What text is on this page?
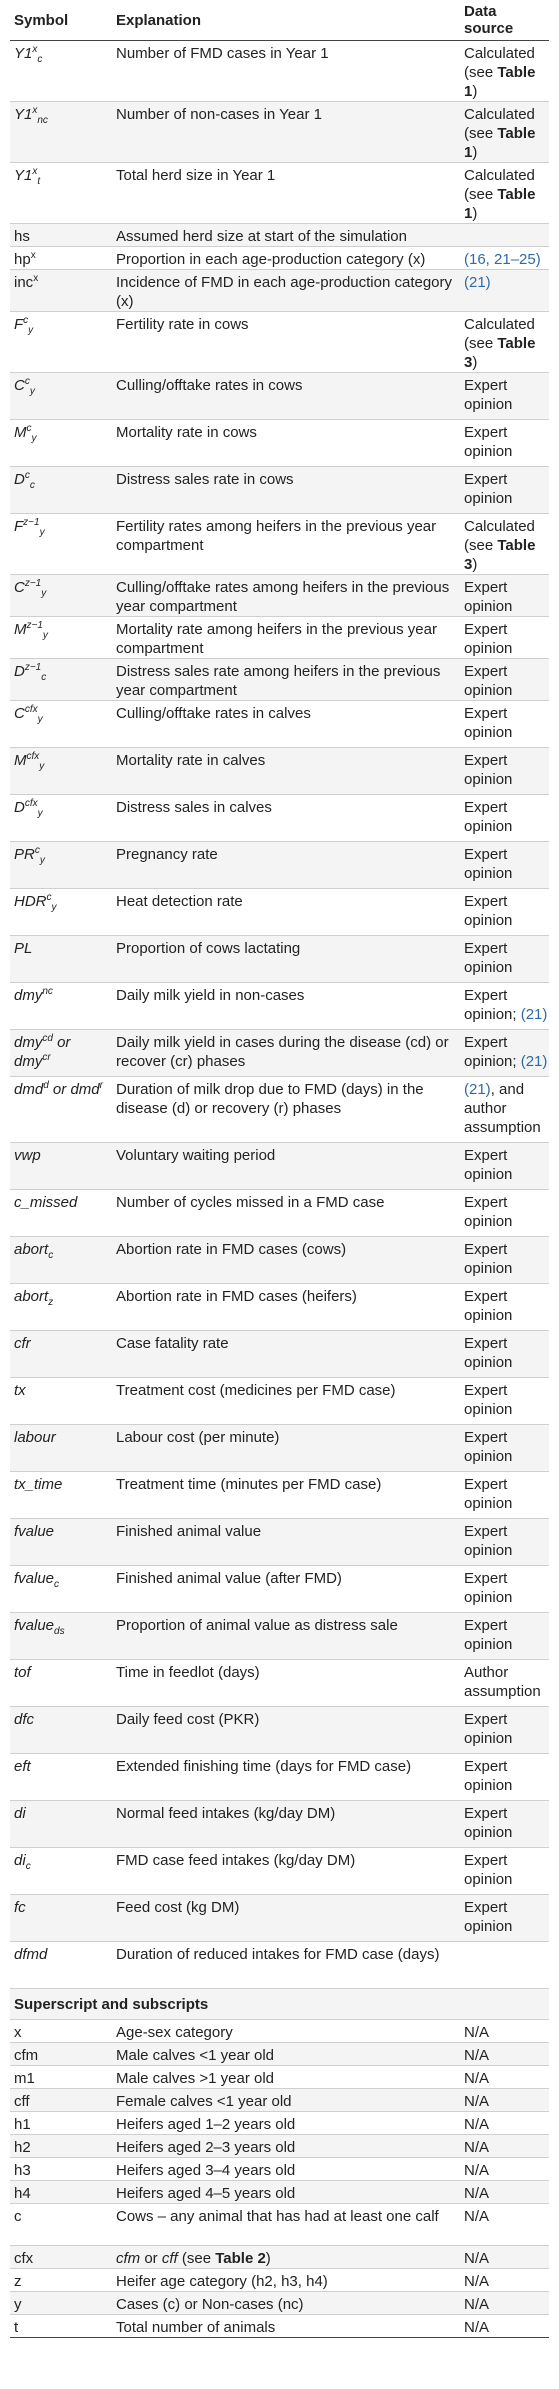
Symbol	Explanation	Data source
$Y1^x_c$	Number of FMD cases in Year 1	Calculated (see Table 1)
$Y1^x_{nc}$	Number of non-cases in Year 1	Calculated (see Table 1)
$Y1^x_t$	Total herd size in Year 1	Calculated (see Table 1)
hs	Assumed herd size at start of the simulation	
$hp^x$	Proportion in each age-production category (x)	(16, 21–25)
inc$^x$	Incidence of FMD in each age-production category (x)	(21)
$F^c_y$	Fertility rate in cows	Calculated (see Table 3)
$C^c_y$	Culling/offtake rates in cows	Expert opinion
$M^c_y$	Mortality rate in cows	Expert opinion
$D^c_c$	Distress sales rate in cows	Expert opinion
$F^{z-1}_y$	Fertility rates among heifers in the previous year compartment	Calculated (see Table 3)
$C^{z-1}_y$	Culling/offtake rates among heifers in the previous year compartment	Expert opinion
$M^{z-1}_y$	Mortality rate among heifers in the previous year compartment	Expert opinion
$D^{z-1}_c$	Distress sales rate among heifers in the previous year compartment	Expert opinion
$C^{cfx}_y$	Culling/offtake rates in calves	Expert opinion
$M^{cfx}_y$	Mortality rate in calves	Expert opinion
$D^{cfx}_y$	Distress sales in calves	Expert opinion
$PR^c_y$	Pregnancy rate	Expert opinion
$HDR^c_y$	Heat detection rate	Expert opinion
PL	Proportion of cows lactating	Expert opinion
dmy$^{nc}$	Daily milk yield in non-cases	Expert opinion; (21)
dmy$^{cd}$ or dmy$^{cr}$	Daily milk yield in cases during the disease (cd) or recover (cr) phases	Expert opinion; (21)
dmd$^d$ or dmd$^r$	Duration of milk drop due to FMD (days) in the disease (d) or recovery (r) phases	(21), and author assumption
vwp	Voluntary waiting period	Expert opinion
c_missed	Number of cycles missed in a FMD case	Expert opinion
abort$_c$	Abortion rate in FMD cases (cows)	Expert opinion
abort$_z$	Abortion rate in FMD cases (heifers)	Expert opinion
cfr	Case fatality rate	Expert opinion
tx	Treatment cost (medicines per FMD case)	Expert opinion
labour	Labour cost (per minute)	Expert opinion
tx_time	Treatment time (minutes per FMD case)	Expert opinion
fvalue	Finished animal value	Expert opinion
fvalue$_c$	Finished animal value (after FMD)	Expert opinion
fvalue$_{ds}$	Proportion of animal value as distress sale	Expert opinion
tof	Time in feedlot (days)	Author assumption
dfc	Daily feed cost (PKR)	Expert opinion
eft	Extended finishing time (days for FMD case)	Expert opinion
di	Normal feed intakes (kg/day DM)	Expert opinion
$di_c$	FMD case feed intakes (kg/day DM)	Expert opinion
fc	Feed cost (kg DM)	Expert opinion
dfmd	Duration of reduced intakes for FMD case (days)	
Superscript and subscripts		
x	Age-sex category	N/A
cfm	Male calves <1 year old	N/A
m1	Male calves >1 year old	N/A
cff	Female calves <1 year old	N/A
h1	Heifers aged 1–2 years old	N/A
h2	Heifers aged 2–3 years old	N/A
h3	Heifers aged 3–4 years old	N/A
h4	Heifers aged 4–5 years old	N/A
c	Cows – any animal that has had at least one calf	N/A
cfx	cfm or cff (see Table 2)	N/A
z	Heifer age category (h2, h3, h4)	N/A
y	Cases (c) or Non-cases (nc)	N/A
t	Total number of animals	N/A
